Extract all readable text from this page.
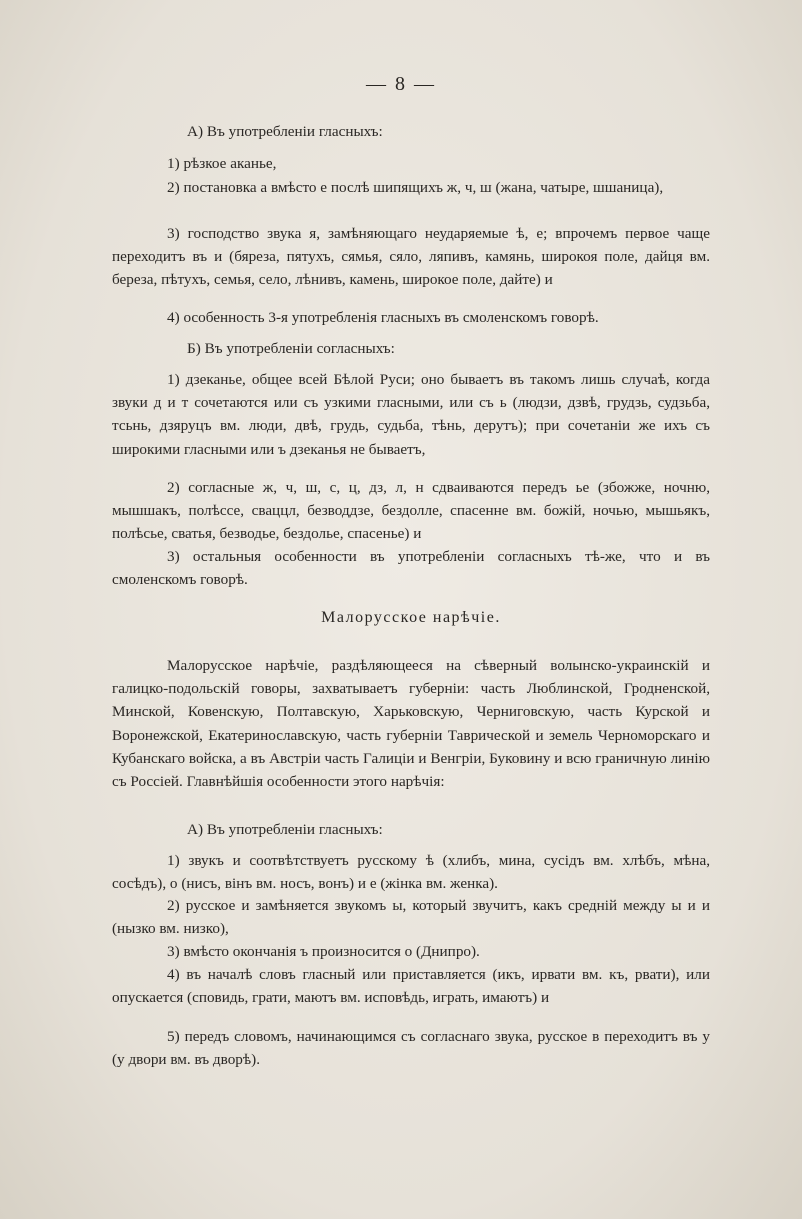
— 8 —
А) Въ употребленіи гласныхъ:

1) рѣзкое аканье,

2) постановка а вмѣсто е послѣ шипящихъ ж, ч, ш (жана, чатыре, шшаница),

3) господство звука я, замѣняющаго неударяемые ѣ, е; впрочемъ первое чаще переходитъ въ и (бяреза, пятухъ, сямья, сяло, ляпивъ, камянь, широкоя поле, дайця вм. береза, пѣтухъ, семья, село, лѣнивъ, камень, широкое поле, дайте) и

4) особенность 3-я употребленія гласныхъ въ смоленскомъ говорѣ.

Б) Въ употребленіи согласныхъ:

1) дзеканье, общее всей Бѣлой Руси; оно бываетъ въ такомъ лишь случаѣ, когда звуки д и т сочетаются или съ узкими гласными, или съ ь (людзи, дзвѣ, грудзь, судзьба, тсьнь, дзяруцъ вм. люди, двѣ, грудь, судьба, тѣнь, дерутъ); при сочетаніи же ихъ съ широкими гласными или ъ дзеканья не бываетъ,

2) согласные ж, ч, ш, с, ц, дз, л, н сдваиваются передъ ье (збожже, ночню, мышшакъ, полѣссе, сваццл, безводдзе, бездолле, спасенне вм. божій, ночью, мышьякъ, полѣсье, сватья, безводье, бездолье, спасенье) и

3) остальныя особенности въ употребленіи согласныхъ тѣ-же, что и въ смоленскомъ говорѣ.

Малорусское нарѣчіе.

Малорусское нарѣчіе, раздѣляющееся на сѣверный волынско-украинскій и галицко-подольскій говоры, захватываетъ губерніи: часть Люблинской, Гродненской, Минской, Ковенскую, Полтавскую, Харьковскую, Черниговскую, часть Курской и Воронежской, Екатеринославскую, часть губерніи Таврической и земель Черноморскаго и Кубанскаго войска, а въ Австріи часть Галиціи и Венгріи, Буковину и всю граничную линію съ Россіей. Главнѣйшія особенности этого нарѣчія:

А) Въ употребленіи гласныхъ:

1) звукъ и соотвѣтствуетъ русскому ѣ (хлибъ, мина, сусідъ вм. хлѣбъ, мѣна, сосѣдъ), о (нисъ, вінъ вм. носъ, вонъ) и е (жінка вм. женка).

2) русское и замѣняется звукомъ ы, который звучитъ, какъ средній между ы и и (нызко вм. низко),

3) вмѣсто окончанія ъ произносится о (Днипро).

4) въ началѣ словъ гласный или приставляется (икъ, ирвати вм. къ, рвати), или опускается (сповидь, грати, маютъ вм. исповѣдь, играть, имаютъ) и

5) передъ словомъ, начинающимся съ согласнаго звука, русское в переходитъ въ у (у двори вм. въ дворѣ).
